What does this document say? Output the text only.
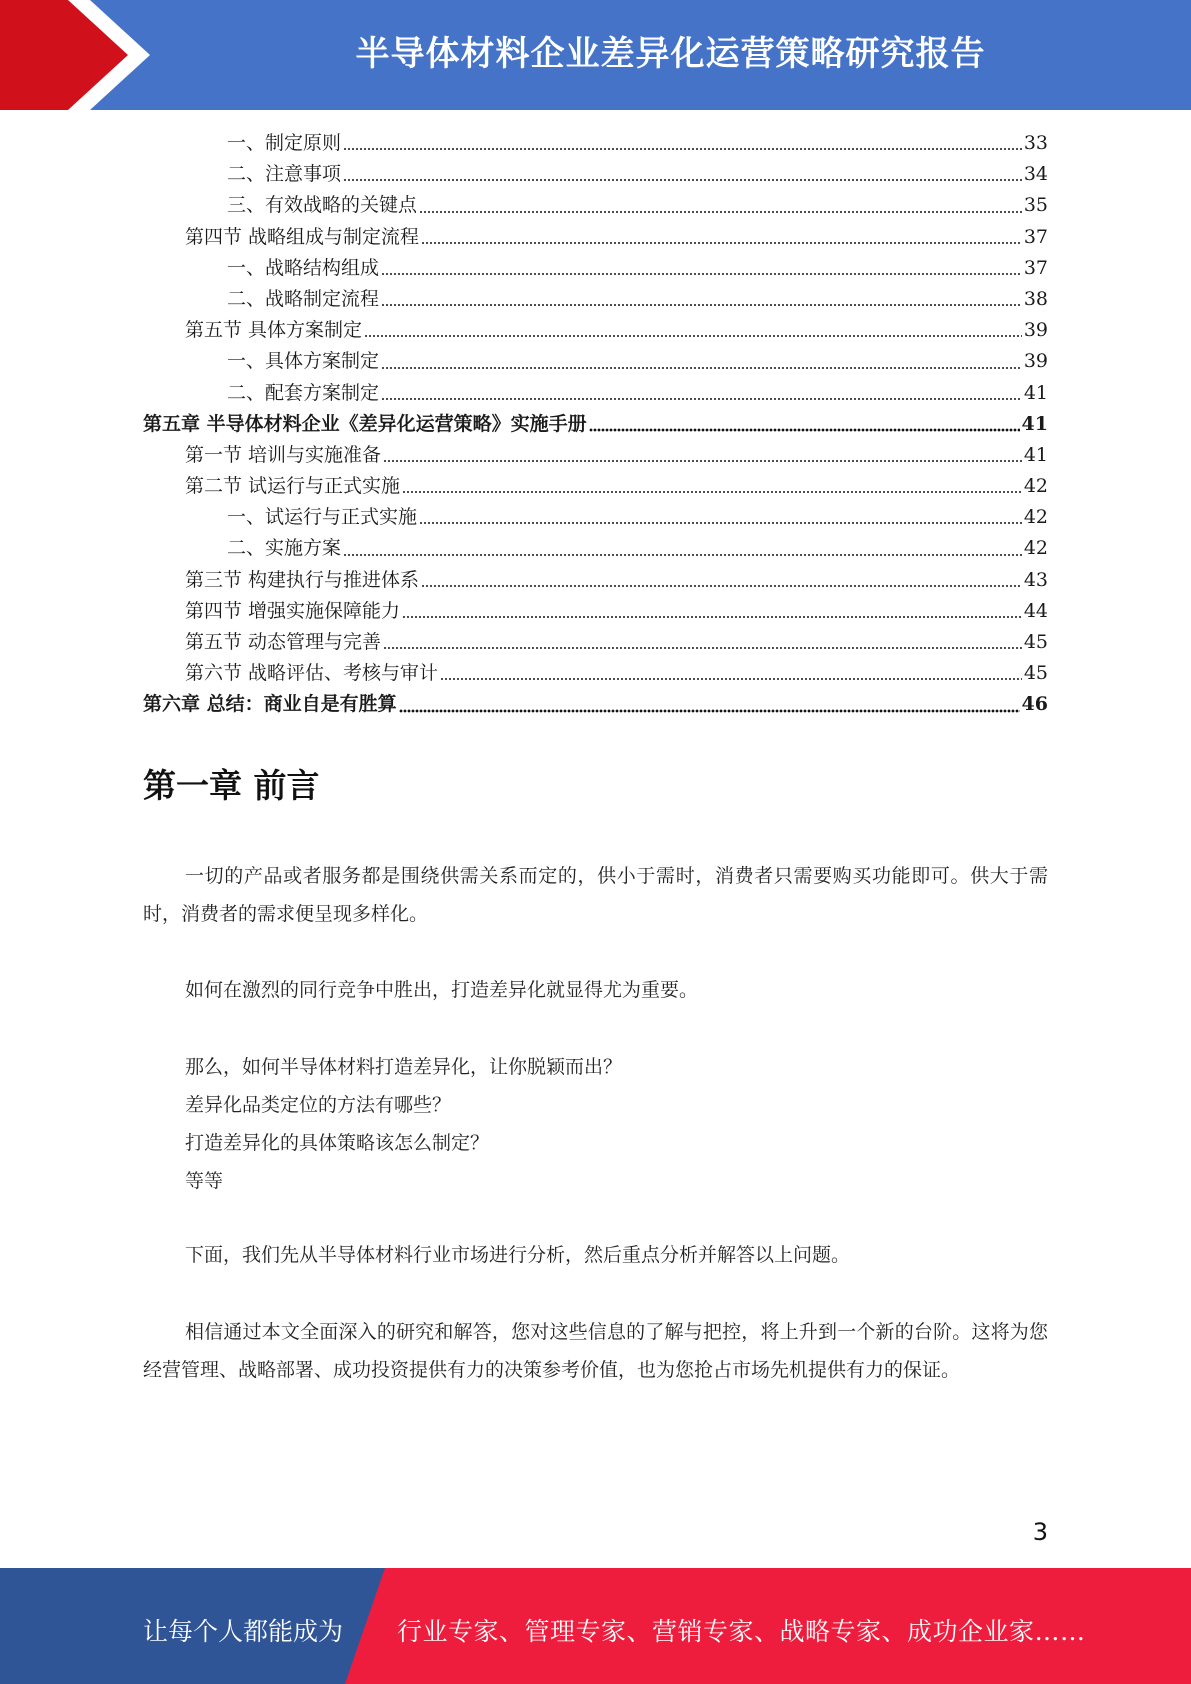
半导体材料企业差异化运营策略研究报告
一、制定原则	33
二、注意事项	34
三、有效战略的关键点	35
第四节 战略组成与制定流程	37
一、战略结构组成	37
二、战略制定流程	38
第五节 具体方案制定	39
一、具体方案制定	39
二、配套方案制定	41
第五章 半导体材料企业《差异化运营策略》实施手册	41
第一节 培训与实施准备	41
第二节 试运行与正式实施	42
一、试运行与正式实施	42
二、实施方案	42
第三节 构建执行与推进体系	43
第四节 增强实施保障能力	44
第五节 动态管理与完善	45
第六节 战略评估、考核与审计	45
第六章 总结：商业自是有胜算	46
第一章 前言

一切的产品或者服务都是围绕供需关系而定的，供小于需时，消费者只需要购买功能即可。供大于需时，消费者的需求便呈现多样化。

如何在激烈的同行竞争中胜出，打造差异化就显得尤为重要。

那么，如何半导体材料打造差异化，让你脱颖而出？
差异化品类定位的方法有哪些？
打造差异化的具体策略该怎么制定？
等等

下面，我们先从半导体材料行业市场进行分析，然后重点分析并解答以上问题。

相信通过本文全面深入的研究和解答，您对这些信息的了解与把控，将上升到一个新的台阶。这将为您经营管理、战略部署、成功投资提供有力的决策参考价值，也为您抢占市场先机提供有力的保证。

3
让每个人都能成为 行业专家、管理专家、营销专家、战略专家、成功企业家……
